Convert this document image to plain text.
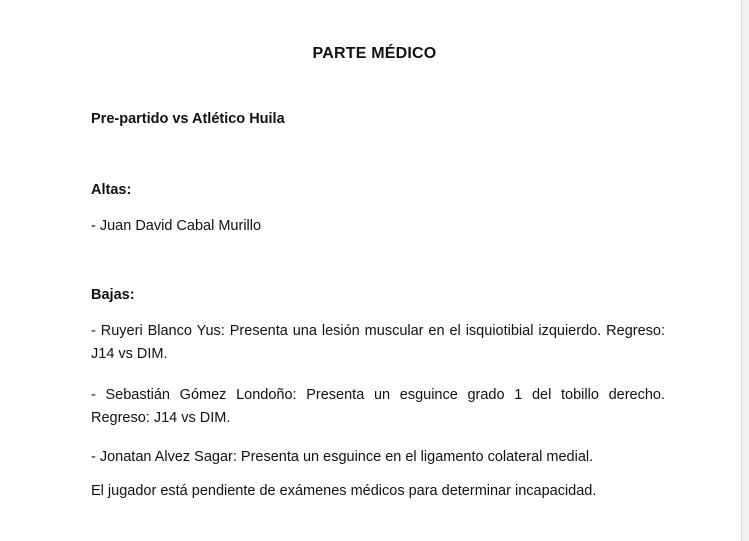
PARTE MÉDICO
Pre-partido vs Atlético Huila
Altas:
- Juan David Cabal Murillo
Bajas:
- Ruyeri Blanco Yus: Presenta una lesión muscular en el isquiotibial izquierdo. Regreso: J14 vs DIM.
- Sebastián Gómez Londoño: Presenta un esguince grado 1 del tobillo derecho. Regreso: J14 vs DIM.
- Jonatan Alvez Sagar: Presenta un esguince en el ligamento colateral medial.
El jugador está pendiente de exámenes médicos para determinar incapacidad.
